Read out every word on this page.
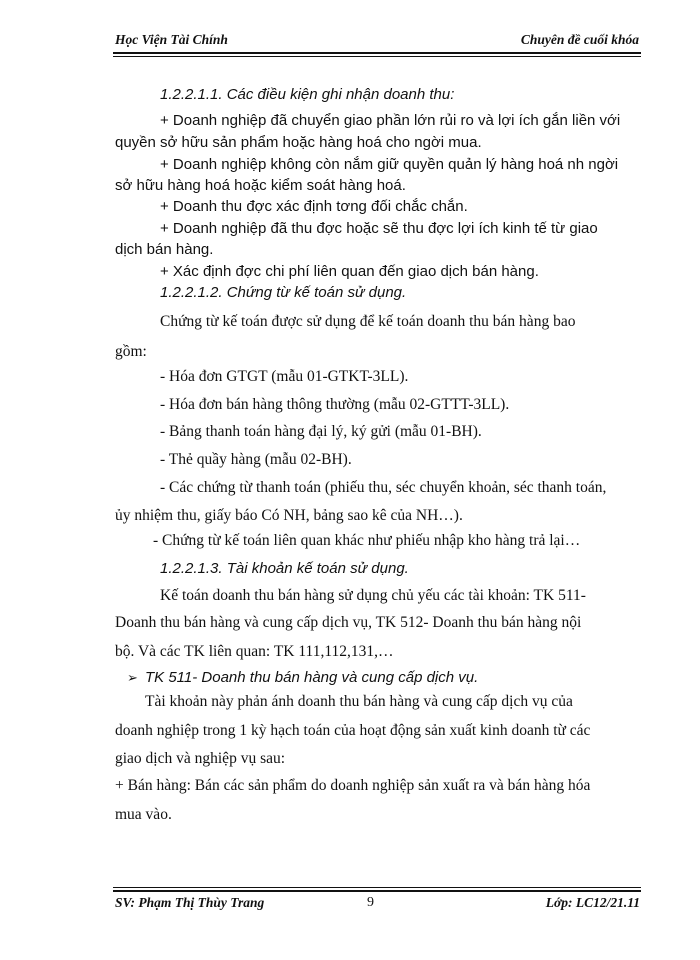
Học Viện Tài Chính	Chuyên đề cuối khóa
1.2.2.1.1. Các điều kiện ghi nhận doanh thu:
+ Doanh nghiệp đã chuyển giao phần lớn rủi ro và lợi ích gắn liền với
quyền sở hữu sản phẩm hoặc hàng hoá cho ngời mua.
+ Doanh nghiệp không còn nắm giữ quyền quản lý hàng hoá nh ngời
sở hữu hàng hoá hoặc kiểm soát hàng hoá.
+ Doanh thu đợc xác định tơng đối chắc chắn.
+ Doanh nghiệp đã thu đợc hoặc sẽ thu đợc lợi ích kinh tế từ giao
dịch bán hàng.
+ Xác định đợc chi phí liên quan đến giao dịch bán hàng.
1.2.2.1.2. Chứng từ kế toán sử dụng.
Chứng từ kế toán được sử dụng để kế toán doanh thu bán hàng bao
gồm:
- Hóa đơn GTGT (mẫu 01-GTKT-3LL).
- Hóa đơn bán hàng thông thường (mẫu 02-GTTT-3LL).
- Bảng thanh toán hàng đại lý, ký gửi (mẫu 01-BH).
- Thẻ quầy hàng (mẫu 02-BH).
- Các chứng từ thanh toán (phiếu thu, séc chuyển khoản, séc thanh toán,
ủy nhiệm thu, giấy báo Có NH, bảng sao kê của NH…).
- Chứng từ kế toán liên quan khác như phiếu nhập kho hàng trả lại…
1.2.2.1.3. Tài khoản kế toán sử dụng.
Kế toán doanh thu bán hàng sử dụng chủ yếu các tài khoản: TK 511-
Doanh thu bán hàng và cung cấp dịch vụ, TK 512- Doanh thu bán hàng nội
bộ. Và các TK liên quan: TK 111,112,131,…
➢ TK 511- Doanh thu bán hàng và cung cấp dịch vụ.
Tài khoản này phản ánh doanh thu bán hàng và cung cấp dịch vụ của
doanh nghiệp trong 1 kỳ hạch toán của hoạt động sản xuất kinh doanh từ các
giao dịch và nghiệp vụ sau:
+ Bán hàng: Bán các sản phẩm do doanh nghiệp sản xuất ra và bán hàng hóa
mua vào.
SV: Phạm Thị Thùy Trang	9	Lớp: LC12/21.11
